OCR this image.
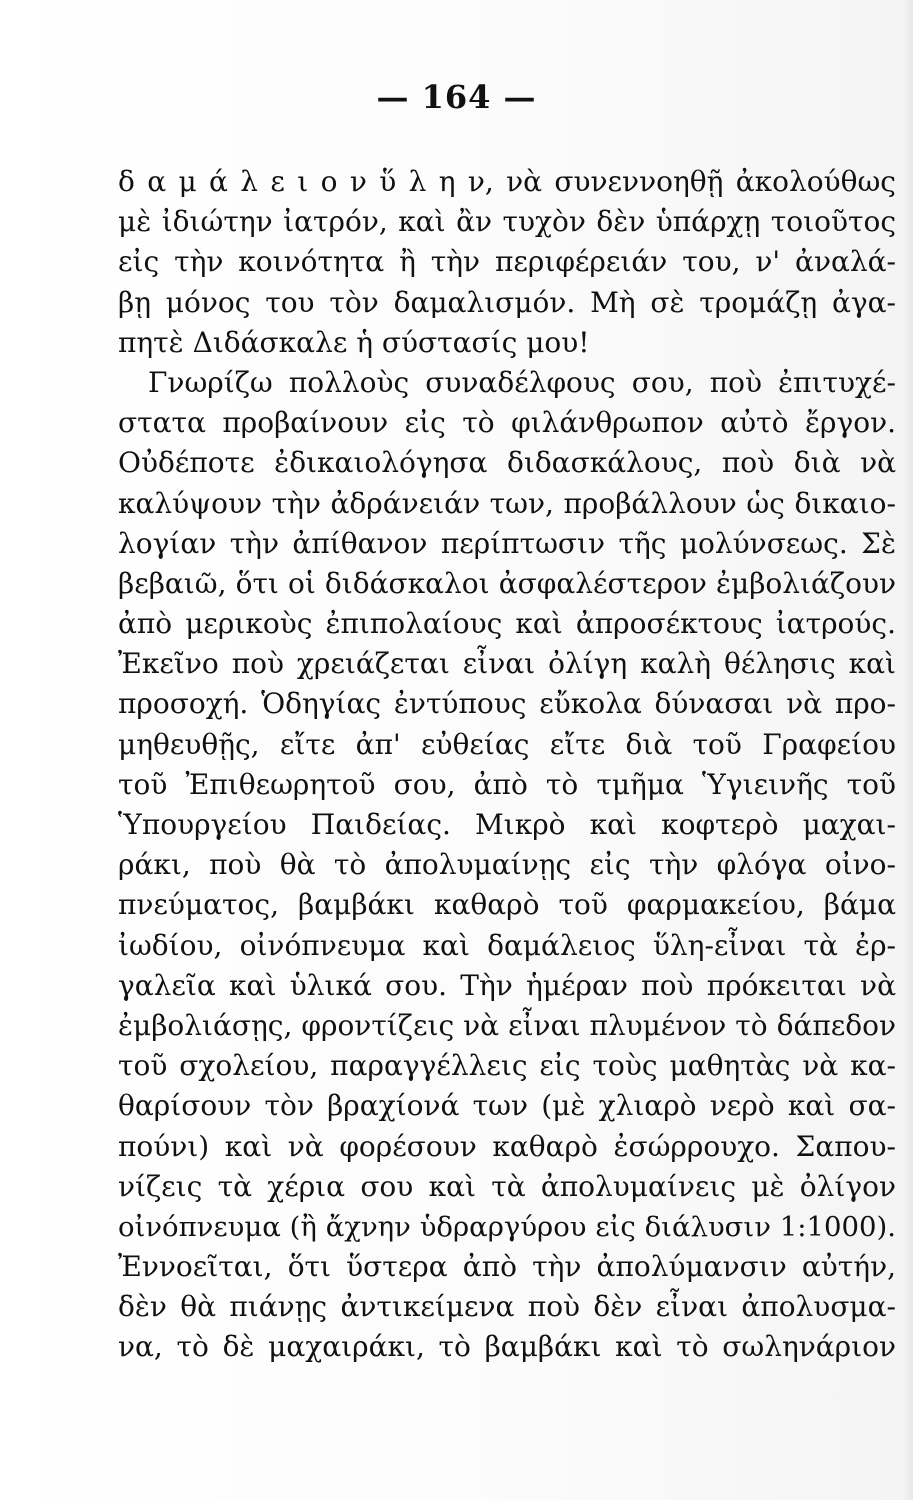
— 164 —
δ α μ ά λ ε ι ο ν ὕ λ η ν, νὰ συνεννοηθῇ ἀκολούθως
μὲ ἰδιώτην ἰατρόν, καὶ ἂν τυχὸν δὲν ὑπάρχῃ τοιοῦτος
εἰς τὴν κοινότητα ἢ τὴν περιφέρειάν του, ν' ἀναλά-
βῃ μόνος του τὸν δαμαλισμόν. Μὴ σὲ τρομάζῃ ἀγα-
πητὲ Διδάσκαλε ἡ σύστασίς μου!
Γνωρίζω πολλοὺς συναδέλφους σου, ποὺ ἐπιτυχέ-
στατα προβαίνουν εἰς τὸ φιλάνθρωπον αὐτὸ ἔργον.
Οὐδέποτε ἐδικαιολόγησα διδασκάλους, ποὺ διὰ νὰ
καλύψουν τὴν ἀδράνειάν των, προβάλλουν ὡς δικαιο-
λογίαν τὴν ἀπίθανον περίπτωσιν τῆς μολύνσεως. Σὲ
βεβαιῶ, ὅτι οἱ διδάσκαλοι ἀσφαλέστερον ἐμβολιάζουν
ἀπὸ μερικοὺς ἐπιπολαίους καὶ ἀπροσέκτους ἰατρούς.
Ἐκεῖνο ποὺ χρειάζεται εἶναι ὀλίγη καλὴ θέλησις καὶ
προσοχή. Ὁδηγίας ἐντύπους εὔκολα δύνασαι νὰ προ-
μηθευθῇς, εἴτε ἀπ' εὐθείας εἴτε διὰ τοῦ Γραφείου
τοῦ Ἐπιθεωρητοῦ σου, ἀπὸ τὸ τμῆμα Ὑγιεινῆς τοῦ
Ὑπουργείου Παιδείας. Μικρὸ καὶ κοφτερὸ μαχαι-
ράκι, ποὺ θὰ τὸ ἀπολυμαίνῃς εἰς τὴν φλόγα οἰνο-
πνεύματος, βαμβάκι καθαρὸ τοῦ φαρμακείου, βάμα
ἰωδίου, οἰνόπνευμα καὶ δαμάλειος ὕλη-εἶναι τὰ ἐρ-
γαλεῖα καὶ ὑλικά σου. Τὴν ἡμέραν ποὺ πρόκειται νὰ
ἐμβολιάσῃς, φροντίζεις νὰ εἶναι πλυμένον τὸ δάπεδον
τοῦ σχολείου, παραγγέλλεις εἰς τοὺς μαθητὰς νὰ κα-
θαρίσουν τὸν βραχίονά των (μὲ χλιαρὸ νερὸ καὶ σα-
πούνι) καὶ νὰ φορέσουν καθαρὸ ἐσώρρουχο. Σαπου-
νίζεις τὰ χέρια σου καὶ τὰ ἀπολυμαίνεις μὲ ὀλίγον
οἰνόπνευμα (ἢ ἄχνην ὑδραργύρου εἰς διάλυσιν 1:1000).
Ἐννοεῖται, ὅτι ὕστερα ἀπὸ τὴν ἀπολύμανσιν αὐτήν,
δὲν θὰ πιάνῃς ἀντικείμενα ποὺ δὲν εἶναι ἀπολυσμα-
να, τὸ δὲ μαχαιράκι, τὸ βαμβάκι καὶ τὸ σωληνάριον
